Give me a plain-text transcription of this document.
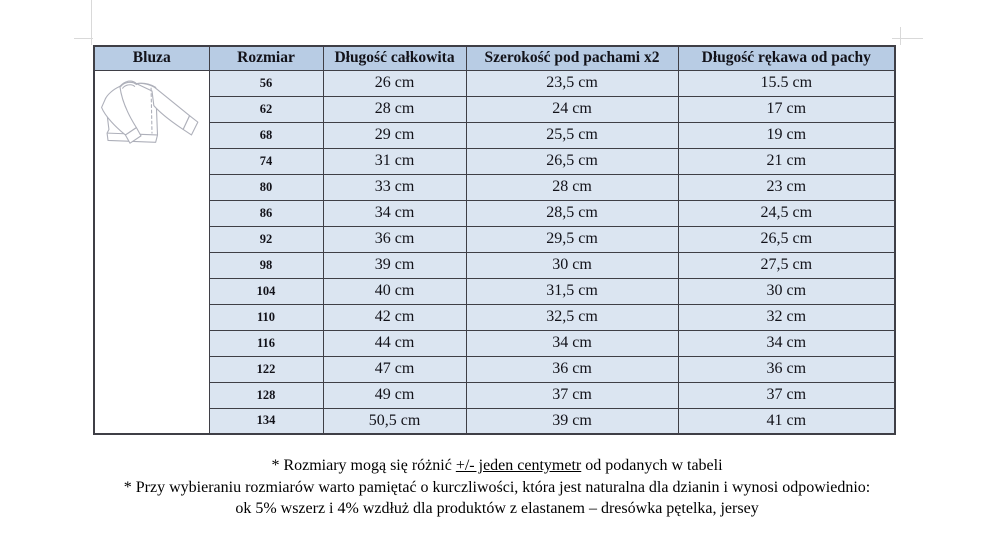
Bluza	Rozmiar	Długość całkowita	Szerokość pod pachami x2	Długość rękawa od pachy
	56	26 cm	23,5 cm	15.5 cm
	62	28 cm	24 cm	17 cm
	68	29 cm	25,5 cm	19 cm
	74	31 cm	26,5 cm	21 cm
	80	33 cm	28 cm	23 cm
	86	34 cm	28,5 cm	24,5 cm
	92	36 cm	29,5 cm	26,5 cm
	98	39 cm	30 cm	27,5 cm
	104	40 cm	31,5 cm	30 cm
	110	42 cm	32,5 cm	32 cm
	116	44 cm	34 cm	34 cm
	122	47 cm	36 cm	36 cm
	128	49 cm	37 cm	37 cm
	134	50,5 cm	39 cm	41 cm
* Rozmiary mogą się różnić +/- jeden centymetr od podanych w tabeli
* Przy wybieraniu rozmiarów warto pamiętać o kurczliwości, która jest naturalna dla dzianin i wynosi odpowiednio:
ok 5% wszerz i 4% wzdłuż dla produktów z elastanem – dresówka pętelka, jersey
